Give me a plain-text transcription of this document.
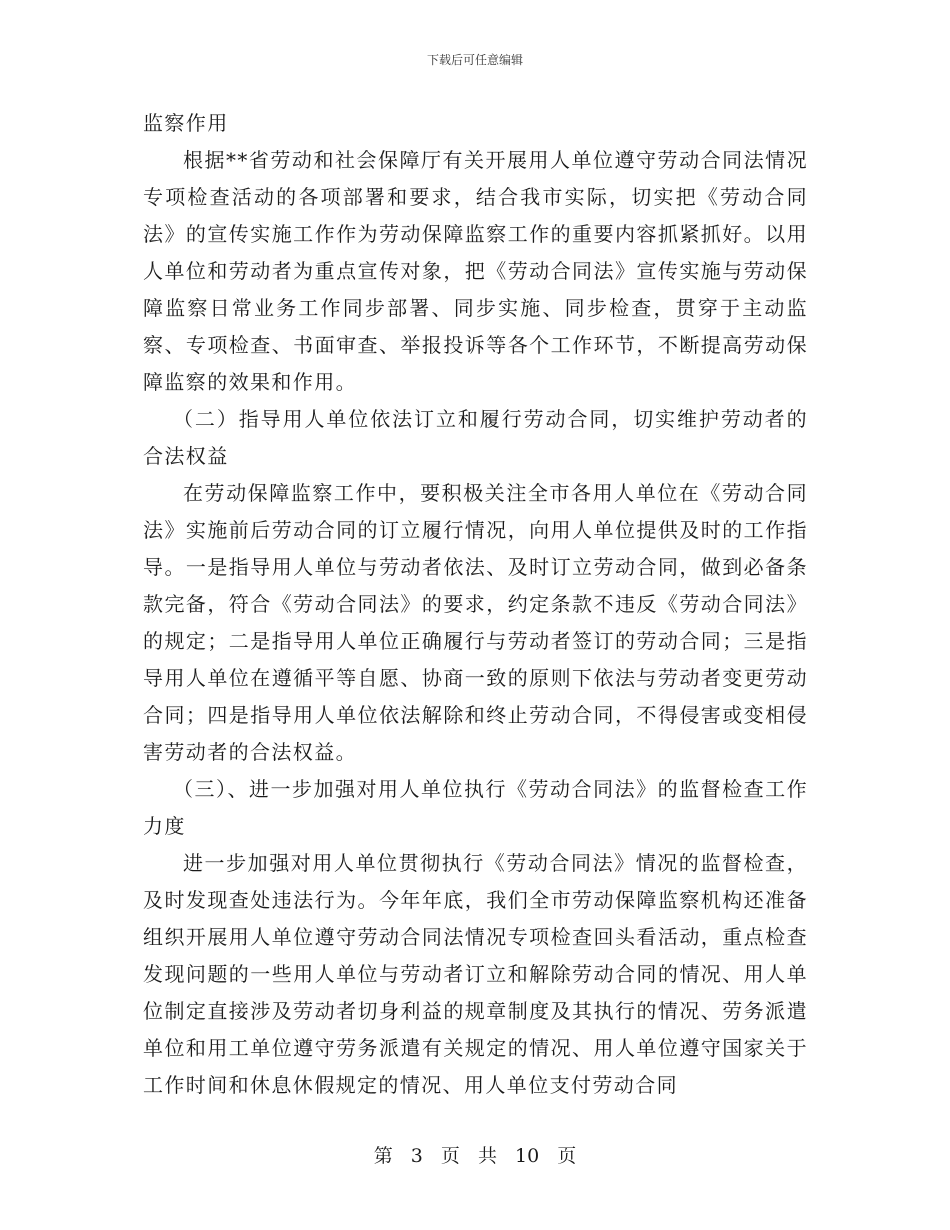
下载后可任意编辑

监察作用

根据**省劳动和社会保障厅有关开展用人单位遵守劳动合同法情况专项检查活动的各项部署和要求，结合我市实际，切实把《劳动合同法》的宣传实施工作作为劳动保障监察工作的重要内容抓紧抓好。以用人单位和劳动者为重点宣传对象，把《劳动合同法》宣传实施与劳动保障监察日常业务工作同步部署、同步实施、同步检查，贯穿于主动监察、专项检查、书面审查、举报投诉等各个工作环节，不断提高劳动保障监察的效果和作用。

（二）指导用人单位依法订立和履行劳动合同，切实维护劳动者的合法权益

在劳动保障监察工作中，要积极关注全市各用人单位在《劳动合同法》实施前后劳动合同的订立履行情况，向用人单位提供及时的工作指导。一是指导用人单位与劳动者依法、及时订立劳动合同，做到必备条款完备，符合《劳动合同法》的要求，约定条款不违反《劳动合同法》的规定；二是指导用人单位正确履行与劳动者签订的劳动合同；三是指导用人单位在遵循平等自愿、协商一致的原则下依法与劳动者变更劳动合同；四是指导用人单位依法解除和终止劳动合同，不得侵害或变相侵害劳动者的合法权益。

（三）、进一步加强对用人单位执行《劳动合同法》的监督检查工作力度

进一步加强对用人单位贯彻执行《劳动合同法》情况的监督检查，及时发现查处违法行为。今年年底，我们全市劳动保障监察机构还准备组织开展用人单位遵守劳动合同法情况专项检查回头看活动，重点检查发现问题的一些用人单位与劳动者订立和解除劳动合同的情况、用人单位制定直接涉及劳动者切身利益的规章制度及其执行的情况、劳务派遣单位和用工单位遵守劳务派遣有关规定的情况、用人单位遵守国家关于工作时间和休息休假规定的情况、用人单位支付劳动合同

第 3 页 共 10 页
